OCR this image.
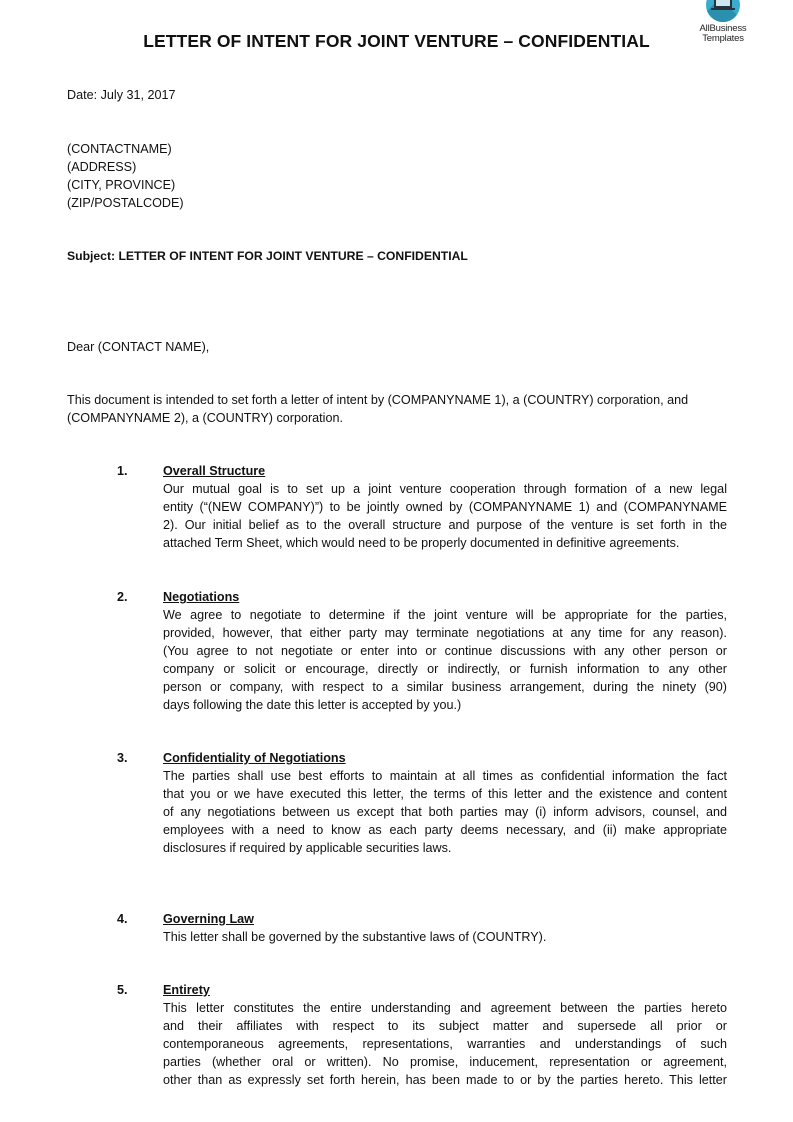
AllBusiness
Templates
LETTER OF INTENT FOR JOINT VENTURE – CONFIDENTIAL
Date: July 31, 2017
(CONTACTNAME)
(ADDRESS)
(CITY, PROVINCE)
(ZIP/POSTALCODE)
Subject: LETTER OF INTENT FOR JOINT VENTURE – CONFIDENTIAL
Dear (CONTACT NAME),
This document is intended to set forth a letter of intent by (COMPANYNAME 1), a (COUNTRY) corporation, and
(COMPANYNAME 2), a (COUNTRY) corporation.
1.	Overall Structure
Our mutual goal is to set up a joint venture cooperation through formation of a new legal
entity (“(NEW COMPANY)”) to be jointly owned by (COMPANYNAME 1) and (COMPANYNAME
2). Our initial belief as to the overall structure and purpose of the venture is set forth in the
attached Term Sheet, which would need to be properly documented in definitive agreements.
2.	Negotiations
We agree to negotiate to determine if the joint venture will be appropriate for the parties,
provided, however, that either party may terminate negotiations at any time for any reason).
(You agree to not negotiate or enter into or continue discussions with any other person or
company or solicit or encourage, directly or indirectly, or furnish information to any other
person or company, with respect to a similar business arrangement, during the ninety (90)
days following the date this letter is accepted by you.)
3.	Confidentiality of Negotiations
The parties shall use best efforts to maintain at all times as confidential information the fact
that you or we have executed this letter, the terms of this letter and the existence and content
of any negotiations between us except that both parties may (i) inform advisors, counsel, and
employees with a need to know as each party deems necessary, and (ii) make appropriate
disclosures if required by applicable securities laws.
4.	Governing Law
This letter shall be governed by the substantive laws of (COUNTRY).
5.	Entirety
This letter constitutes the entire understanding and agreement between the parties hereto
and their affiliates with respect to its subject matter and supersede all prior or
contemporaneous agreements, representations, warranties and understandings of such
parties (whether oral or written). No promise, inducement, representation or agreement,
other than as expressly set forth herein, has been made to or by the parties hereto. This letter
